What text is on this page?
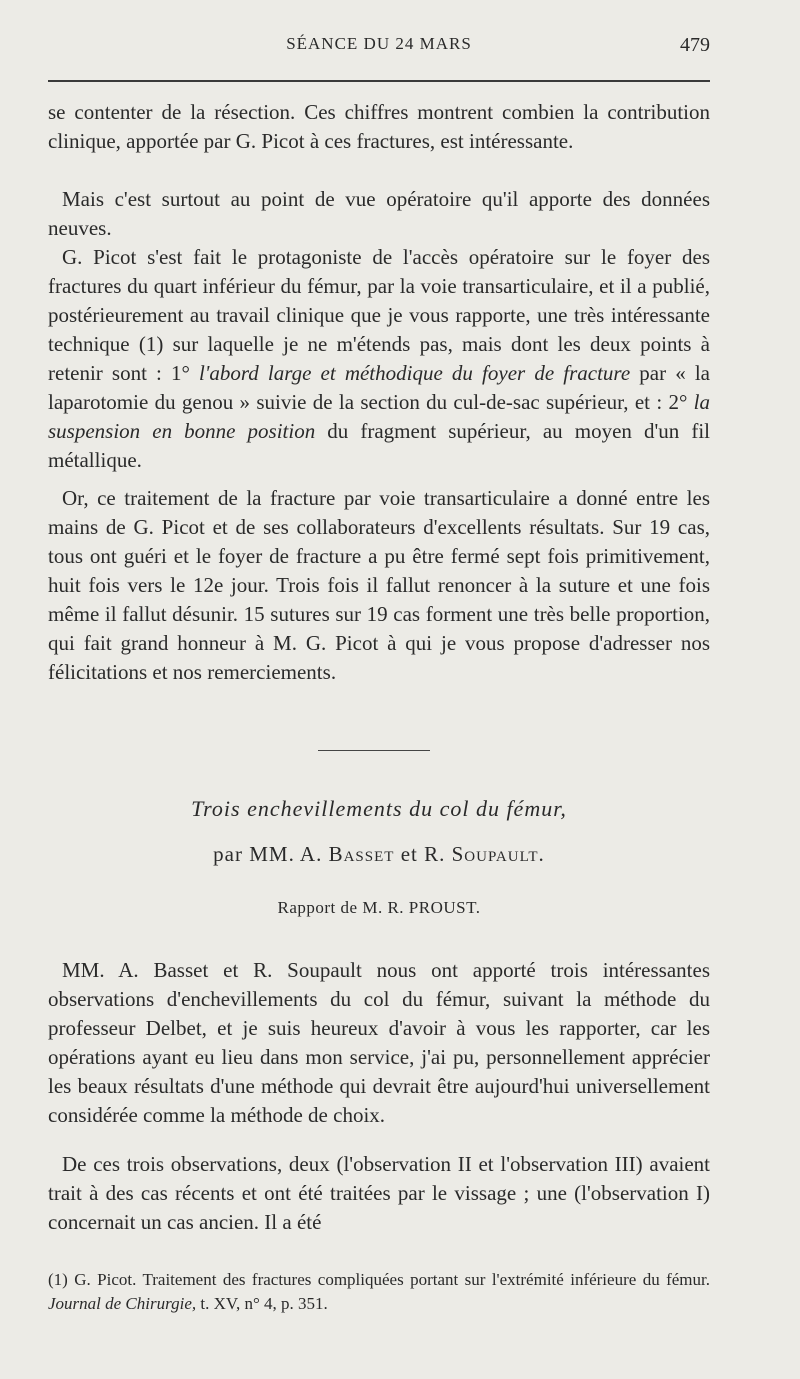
SÉANCE DU 24 MARS	479

se contenter de la résection. Ces chiffres montrent combien la contribution clinique, apportée par G. Picot à ces fractures, est intéressante.

Mais c'est surtout au point de vue opératoire qu'il apporte des données neuves.

G. Picot s'est fait le protagoniste de l'accès opératoire sur le foyer des fractures du quart inférieur du fémur, par la voie transarticulaire, et il a publié, postérieurement au travail clinique que je vous rapporte, une très intéressante technique (1) sur laquelle je ne m'étends pas, mais dont les deux points à retenir sont : 1° l'abord large et méthodique du foyer de fracture par « la laparotomie du genou » suivie de la section du cul-de-sac supérieur, et : 2° la suspension en bonne position du fragment supérieur, au moyen d'un fil métallique.

Or, ce traitement de la fracture par voie transarticulaire a donné entre les mains de G. Picot et de ses collaborateurs d'excellents résultats. Sur 19 cas, tous ont guéri et le foyer de fracture a pu être fermé sept fois primitivement, huit fois vers le 12e jour. Trois fois il fallut renoncer à la suture et une fois même il fallut désunir. 15 sutures sur 19 cas forment une très belle proportion, qui fait grand honneur à M. G. Picot à qui je vous propose d'adresser nos félicitations et nos remerciements.

Trois enchevillements du col du fémur,
par MM. A. Basset et R. Soupault.
Rapport de M. R. PROUST.

MM. A. Basset et R. Soupault nous ont apporté trois intéressantes observations d'enchevillements du col du fémur, suivant la méthode du professeur Delbet, et je suis heureux d'avoir à vous les rapporter, car les opérations ayant eu lieu dans mon service, j'ai pu, personnellement apprécier les beaux résultats d'une méthode qui devrait être aujourd'hui universellement considérée comme la méthode de choix.

De ces trois observations, deux (l'observation II et l'observation III) avaient trait à des cas récents et ont été traitées par le vissage ; une (l'observation I) concernait un cas ancien. Il a été

(1) G. Picot. Traitement des fractures compliquées portant sur l'extrémité inférieure du fémur. Journal de Chirurgie, t. XV, n° 4, p. 351.
